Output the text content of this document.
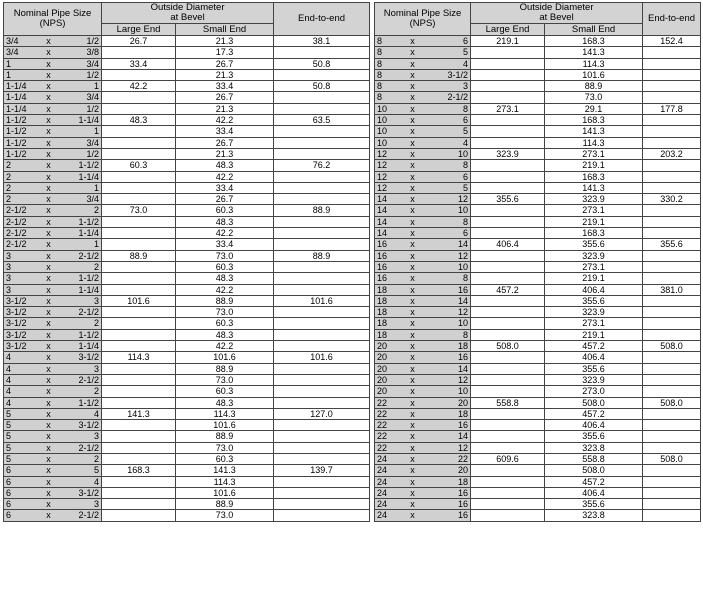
Nominal Pipe Size
(NPS)			Outside Diameter
at Bevel		End-to-end
			Large End	Small End	
3/4	x	1/2	26.7	21.3	38.1
3/4	x	3/8		17.3	
1	x	3/4	33.4	26.7	50.8
1	x	1/2		21.3	
1-1/4	x	1	42.2	33.4	50.8
1-1/4	x	3/4		26.7	
1-1/4	x	1/2		21.3	
1-1/2	x	1-1/4	48.3	42.2	63.5
1-1/2	x	1		33.4	
1-1/2	x	3/4		26.7	
1-1/2	x	1/2		21.3	
2	x	1-1/2	60.3	48.3	76.2
2	x	1-1/4		42.2	
2	x	1		33.4	
2	x	3/4		26.7	
2-1/2	x	2	73.0	60.3	88.9
2-1/2	x	1-1/2		48.3	
2-1/2	x	1-1/4		42.2	
2-1/2	x	1		33.4	
3	x	2-1/2	88.9	73.0	88.9
3	x	2		60.3	
3	x	1-1/2		48.3	
3	x	1-1/4		42.2	
3-1/2	x	3	101.6	88.9	101.6
3-1/2	x	2-1/2		73.0	
3-1/2	x	2		60.3	
3-1/2	x	1-1/2		48.3	
3-1/2	x	1-1/4		42.2	
4	x	3-1/2	114.3	101.6	101.6
4	x	3		88.9	
4	x	2-1/2		73.0	
4	x	2		60.3	
4	x	1-1/2		48.3	
5	x	4	141.3	114.3	127.0
5	x	3-1/2		101.6	
5	x	3		88.9	
5	x	2-1/2		73.0	
5	x	2		60.3	
6	x	5	168.3	141.3	139.7
6	x	4		114.3	
6	x	3-1/2		101.6	
6	x	3		88.9	
6	x	2-1/2		73.0	
Nominal Pipe Size
(NPS)			Outside Diameter
at Bevel		End-to-end
			Large End	Small End	
8	x	6	219.1	168.3	152.4
8	x	5		141.3	
8	x	4		114.3	
8	x	3-1/2		101.6	
8	x	3		88.9	
8	x	2-1/2		73.0	
10	x	8	273.1	29.1	177.8
10	x	6		168.3	
10	x	5		141.3	
10	x	4		114.3	
12	x	10	323.9	273.1	203.2
12	x	8		219.1	
12	x	6		168.3	
12	x	5		141.3	
14	x	12	355.6	323.9	330.2
14	x	10		273.1	
14	x	8		219.1	
14	x	6		168.3	
16	x	14	406.4	355.6	355.6
16	x	12		323.9	
16	x	10		273.1	
16	x	8		219.1	
18	x	16	457.2	406.4	381.0
18	x	14		355.6	
18	x	12		323.9	
18	x	10		273.1	
18	x	8		219.1	
20	x	18	508.0	457.2	508.0
20	x	16		406.4	
20	x	14		355.6	
20	x	12		323.9	
20	x	10		273.0	
22	x	20	558.8	508.0	508.0
22	x	18		457.2	
22	x	16		406.4	
22	x	14		355.6	
22	x	12		323.8	
24	x	22	609.6	558.8	508.0
24	x	20		508.0	
24	x	18		457.2	
24	x	16		406.4	
24	x	16		355.6	
24	x	16		323.8	
